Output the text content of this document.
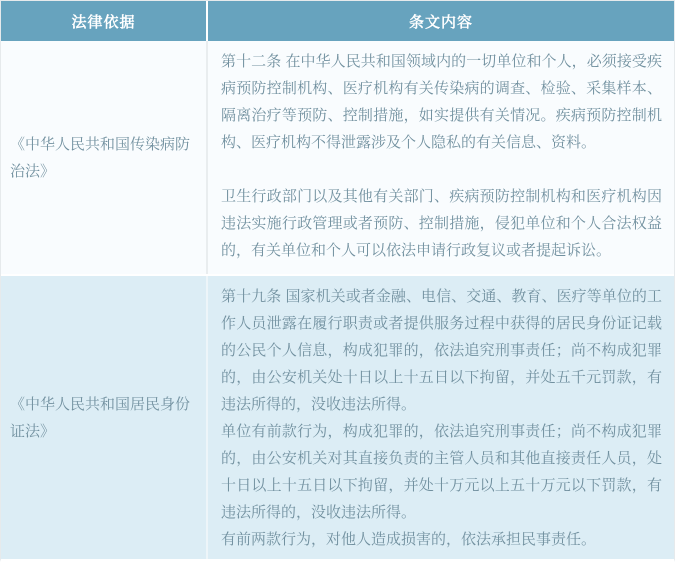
法律依据	条文内容
《中华人民共和国传染病防治法》

第十二条 在中华人民共和国领域内的一切单位和个人，必须接受疾病预防控制机构、医疗机构有关传染病的调查、检验、采集样本、隔离治疗等预防、控制措施，如实提供有关情况。疾病预防控制机构、医疗机构不得泄露涉及个人隐私的有关信息、资料。

卫生行政部门以及其他有关部门、疾病预防控制机构和医疗机构因违法实施行政管理或者预防、控制措施，侵犯单位和个人合法权益的，有关单位和个人可以依法申请行政复议或者提起诉讼。

《中华人民共和国居民身份证法》

第十九条 国家机关或者金融、电信、交通、教育、医疗等单位的工作人员泄露在履行职责或者提供服务过程中获得的居民身份证记载的公民个人信息，构成犯罪的，依法追究刑事责任；尚不构成犯罪的，由公安机关处十日以上十五日以下拘留，并处五千元罚款，有违法所得的，没收违法所得。

单位有前款行为，构成犯罪的，依法追究刑事责任；尚不构成犯罪的，由公安机关对其直接负责的主管人员和其他直接责任人员，处十日以上十五日以下拘留，并处十万元以上五十万元以下罚款，有违法所得的，没收违法所得。

有前两款行为，对他人造成损害的，依法承担民事责任。
